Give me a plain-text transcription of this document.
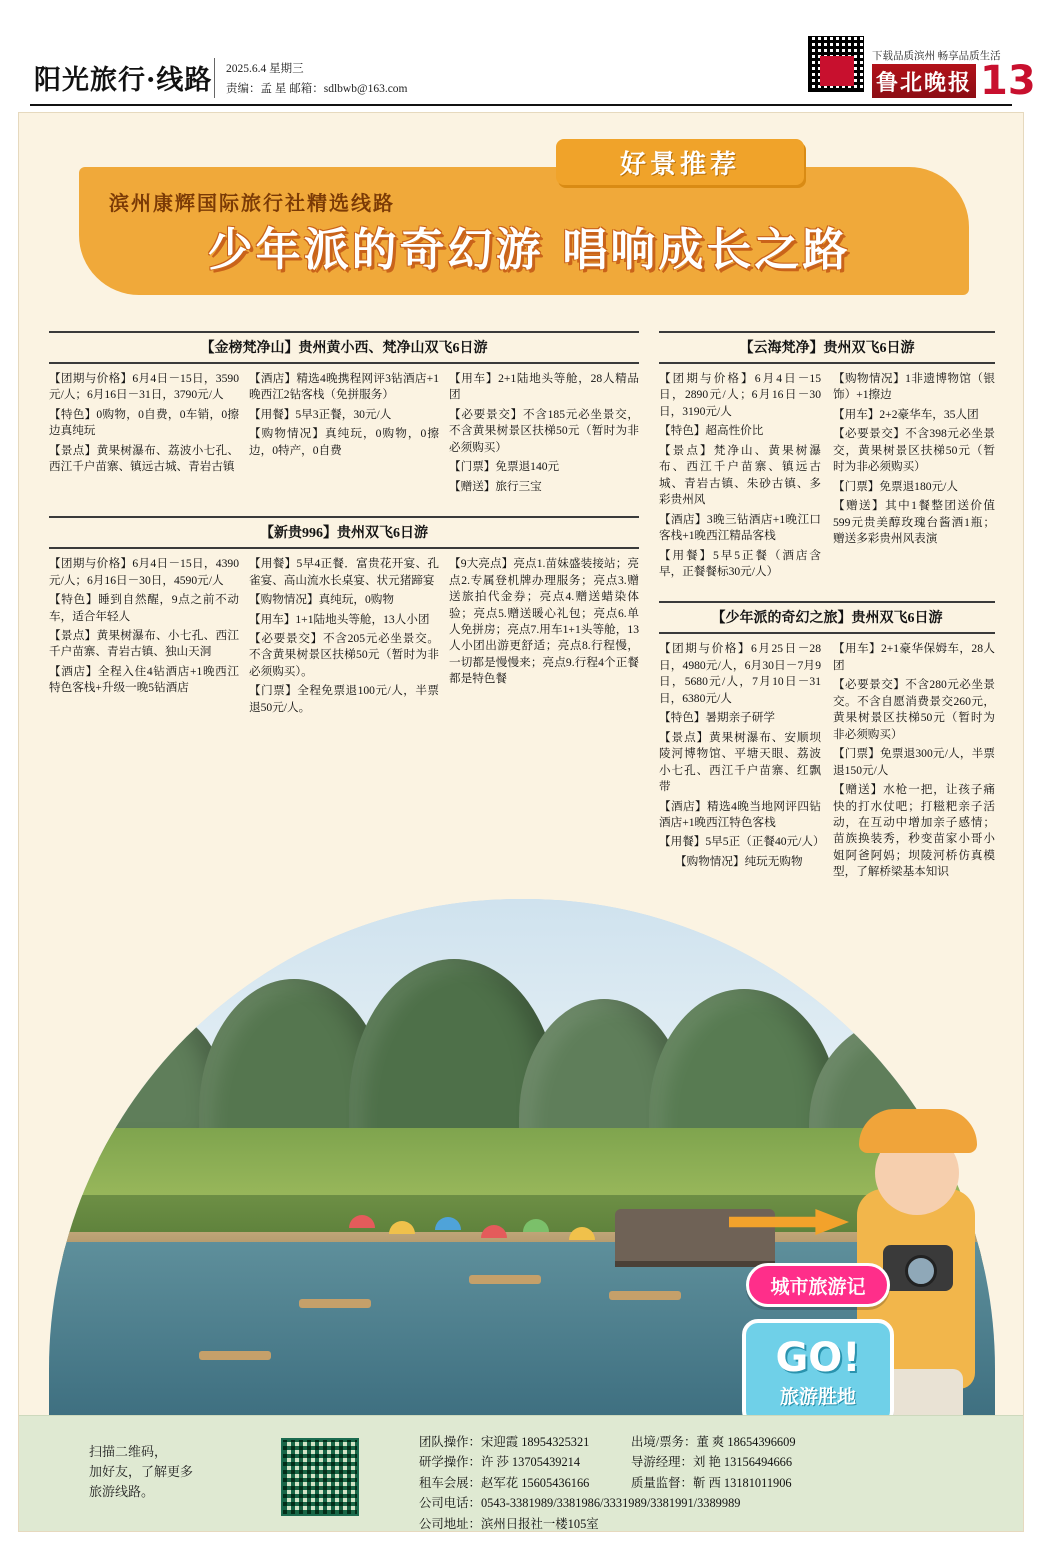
阳光旅行·线路 2025.6.4 星期三
责编：孟 星 邮箱：sdlbwb@163.com
下载品质滨州 畅享品质生活
鲁北晚报 13
好景推荐
滨州康辉国际旅行社精选线路
少年派的奇幻游 唱响成长之路
【金榜梵净山】贵州黄小西、梵净山双飞6日游

【团期与价格】6月4日－15日，3590元/人；6月16日－31日，3790元/人

【特色】0购物，0自费，0车销，0擦边真纯玩

【景点】黄果树瀑布、荔波小七孔、西江千户苗寨、镇远古城、青岩古镇

【酒店】精选4晚携程网评3钻酒店+1晚西江2钻客栈（免拼服务）

【用餐】5早3正餐，30元/人

【购物情况】真纯玩，0购物，0擦边，0特产，0自费

【用车】2+1陆地头等舱，28人精品团

【必要景交】不含185元必坐景交，不含黄果树景区扶梯50元（暂时为非必须购买）

【门票】免票退140元

【赠送】旅行三宝

【新贵996】贵州双飞6日游

【团期与价格】6月4日－15日，4390元/人；6月16日－30日，4590元/人

【特色】睡到自然醒，9点之前不动车，适合年轻人

【景点】黄果树瀑布、小七孔、西江千户苗寨、青岩古镇、独山天洞

【酒店】全程入住4钻酒店+1晚西江特色客栈+升级一晚5钻酒店

【用餐】5早4正餐．富贵花开宴、孔雀宴、高山流水长桌宴、状元猪蹄宴

【购物情况】真纯玩，0购物

【用车】1+1陆地头等舱，13人小团

【必要景交】不含205元必坐景交。不含黄果树景区扶梯50元（暂时为非必须购买）。

【门票】全程免票退100元/人，半票退50元/人。

【9大亮点】亮点1.苗妹盛装接站；亮点2.专属登机牌办理服务；亮点3.赠送旅拍代金券；亮点4.赠送蜡染体验；亮点5.赠送暖心礼包；亮点6.单人免拼房；亮点7.用车1+1头等舱，13人小团出游更舒适；亮点8.行程慢，一切都是慢慢来；亮点9.行程4个正餐都是特色餐

【云海梵净】贵州双飞6日游

【团期与价格】6月4日－15日，2890元/人；6月16日－30日，3190元/人

【特色】超高性价比

【景点】梵净山、黄果树瀑布、西江千户苗寨、镇远古城、青岩古镇、朱砂古镇、多彩贵州风

【酒店】3晚三钻酒店+1晚江口客栈+1晚西江精品客栈

【用餐】5早5正餐（酒店含早，正餐餐标30元/人）

【购物情况】1非遗博物馆（银饰）+1擦边

【用车】2+2豪华车，35人团

【必要景交】不含398元必坐景交，黄果树景区扶梯50元（暂时为非必须购买）

【门票】免票退180元/人

【赠送】其中1餐整团送价值599元贵美醇玫瑰台酱酒1瓶；赠送多彩贵州风表演

【少年派的奇幻之旅】贵州双飞6日游

【团期与价格】6月25日－28日，4980元/人，6月30日－7月9日，5680元/人，7月10日－31日，6380元/人

【特色】暑期亲子研学

【景点】黄果树瀑布、安顺坝陵河博物馆、平塘天眼、荔波小七孔、西江千户苗寨、红飘带

【酒店】精选4晚当地网评四钻酒店+1晚西江特色客栈

【用餐】5早5正（正餐40元/人）

【购物情况】纯玩无购物

【用车】2+1豪华保姆车，28人团

【必要景交】不含280元必坐景交。不含自愿消费景交260元，黄果树景区扶梯50元（暂时为非必须购买）

【门票】免票退300元/人，半票退150元/人

【赠送】水枪一把，让孩子痛快的打水仗吧；打糍粑亲子活动，在互动中增加亲子感情；苗族换装秀，秒变苗家小哥小姐阿爸阿妈；坝陵河桥仿真模型，了解桥梁基本知识

城市旅游记
GO!
旅游胜地
扫描二维码，
加好友，了解更多
旅游线路。
团队操作：宋迎霞 18954325321	出境/票务：董 爽 18654396609
研学操作：许 莎 13705439214	导游经理：刘 艳 13156494666
租车会展：赵军花 15605436166	质量监督：靳 西 13181011906
公司电话：0543-3381989/3381986/3331989/3381991/3389989
公司地址：滨州日报社一楼105室
